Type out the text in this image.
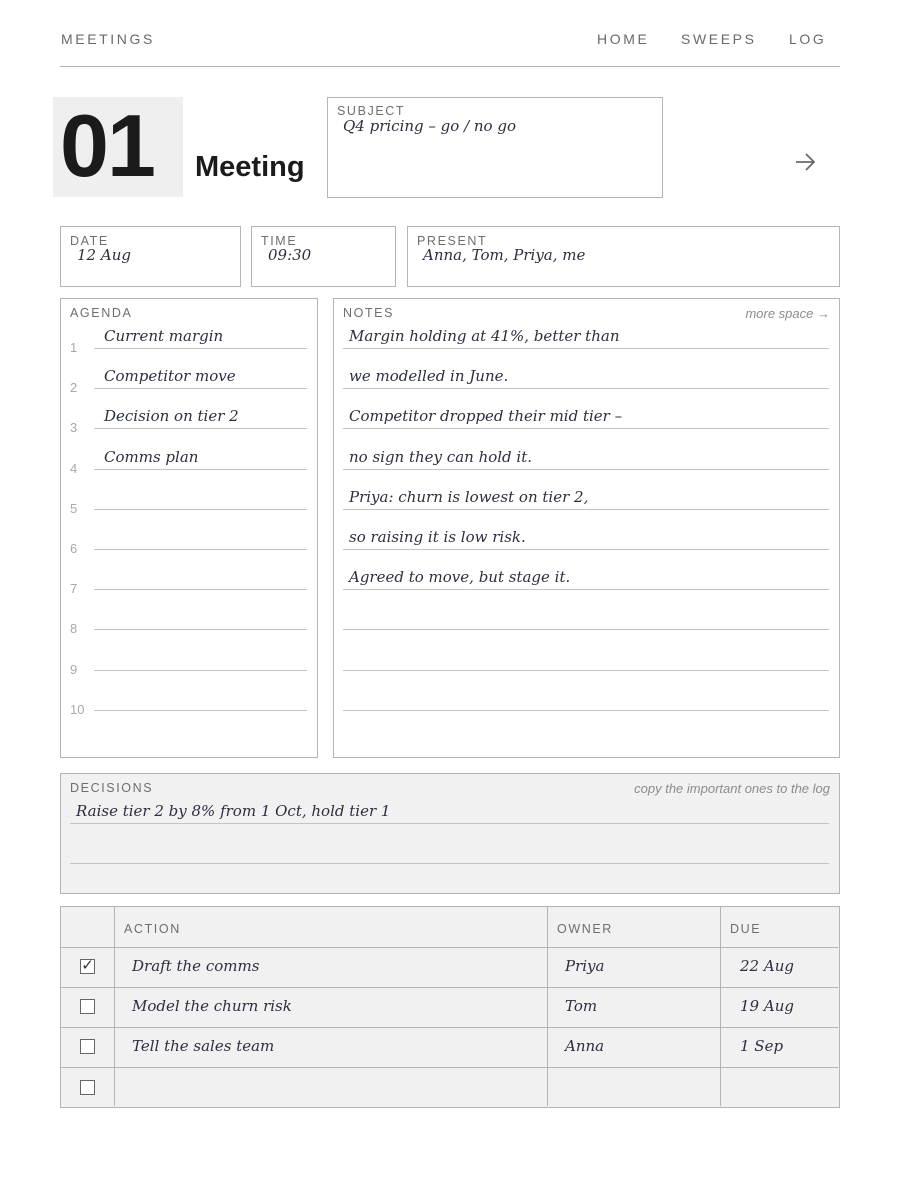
MEETINGS	HOME SWEEPS LOG
01 Meeting
SUBJECT
Q4 pricing – go / no go
DATE
12 Aug
TIME
09:30
PRESENT
Anna, Tom, Priya, me
AGENDA
1
Current margin
2
Competitor move
3
Decision on tier 2
4
Comms plan
5
6
7
8
9
10
NOTES	more space →
Margin holding at 41%, better than
we modelled in June.
Competitor dropped their mid tier –
no sign they can hold it.
Priya: churn is lowest on tier 2,
so raising it is low risk.
Agreed to move, but stage it.
DECISIONS	copy the important ones to the log
Raise tier 2 by 8% from 1 Oct, hold tier 1
ACTION	OWNER	DUE
✓	Draft the comms	Priya	22 Aug
Model the churn risk	Tom	19 Aug
Tell the sales team	Anna	1 Sep
